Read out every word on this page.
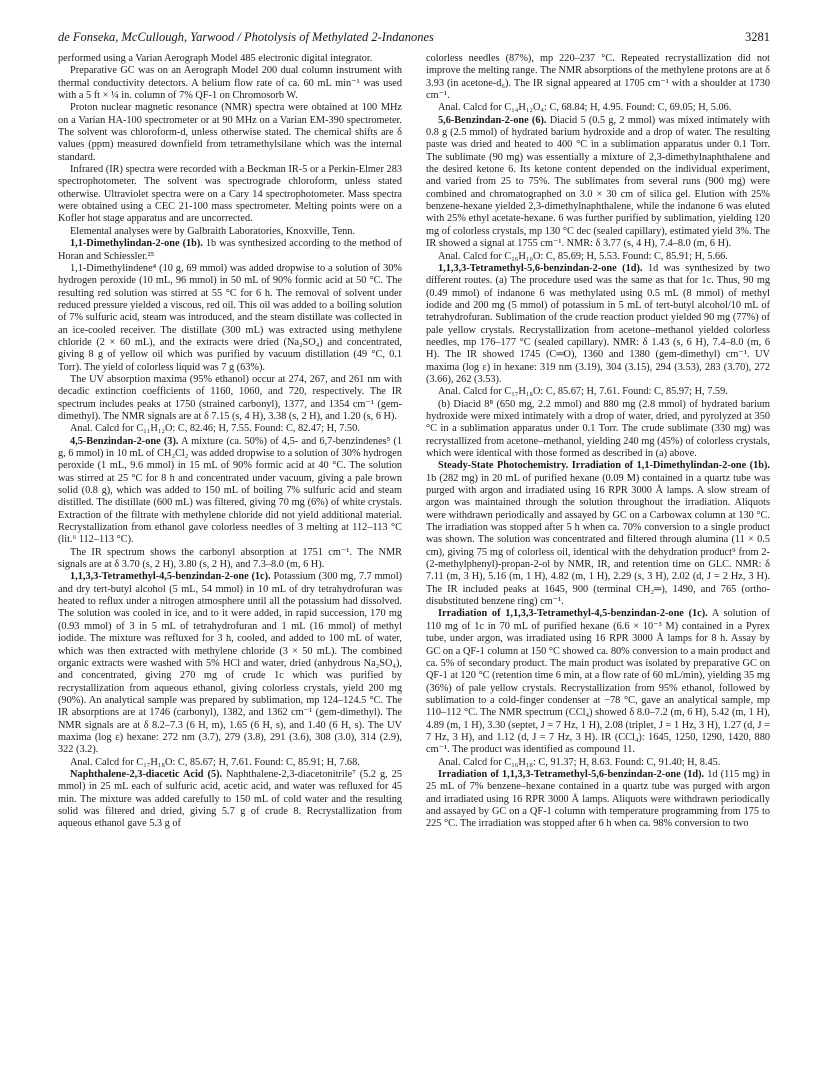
de Fonseka, McCullough, Yarwood / Photolysis of Methylated 2-Indanones	3281

performed using a Varian Aerograph Model 485 electronic digital integrator.

Preparative GC was on an Aerograph Model 200 dual column instrument with thermal conductivity detectors. A helium flow rate of ca. 60 mL min⁻¹ was used with a 5 ft × ¼ in. column of 7% QF-1 on Chromosorb W.

Proton nuclear magnetic resonance (NMR) spectra were obtained at 100 MHz on a Varian HA-100 spectrometer or at 90 MHz on a Varian EM-390 spectrometer. The solvent was chloroform-d, unless otherwise stated. The chemical shifts are δ values (ppm) measured downfield from tetramethylsilane which was the internal standard.

Infrared (IR) spectra were recorded with a Beckman IR-5 or a Perkin-Elmer 283 spectrophotometer. The solvent was spectrograde chloroform, unless stated otherwise. Ultraviolet spectra were on a Cary 14 spectrophotometer. Mass spectra were obtained using a CEC 21-100 mass spectrometer. Melting points were on a Kofler hot stage apparatus and are uncorrected.

Elemental analyses were by Galbraith Laboratories, Knoxville, Tenn.

1,1-Dimethylindan-2-one (1b). 1b was synthesized according to the method of Horan and Schiessler.²⁵

1,1-Dimethylindene⁴ (10 g, 69 mmol) was added dropwise to a solution of 30% hydrogen peroxide (10 mL, 96 mmol) in 50 mL of 90% formic acid at 50 °C. The resulting red solution was stirred at 55 °C for 6 h. The removal of solvent under reduced pressure yielded a viscous, red oil. This oil was added to a boiling solution of 7% sulfuric acid, steam was introduced, and the steam distillate was collected in an ice-cooled receiver. The distillate (300 mL) was extracted using methylene chloride (2 × 60 mL), and the extracts were dried (Na₂SO₄) and concentrated, giving 8 g of yellow oil which was purified by vacuum distillation (49 °C, 0.1 Torr). The yield of colorless liquid was 7 g (63%).

The UV absorption maxima (95% ethanol) occur at 274, 267, and 261 nm with decadic extinction coefficients of 1160, 1060, and 720, respectively. The IR spectrum includes peaks at 1750 (strained carbonyl), 1377, and 1354 cm⁻¹ (gem-dimethyl). The NMR signals are at δ 7.15 (s, 4 H), 3.38 (s, 2 H), and 1.20 (s, 6 H).

Anal. Calcd for C₁₁H₁₂O: C, 82.46; H, 7.55. Found: C, 82.47; H, 7.50.

4,5-Benzindan-2-one (3). A mixture (ca. 50%) of 4,5- and 6,7-benzindenes⁵ (1 g, 6 mmol) in 10 mL of CH₂Cl₂ was added dropwise to a solution of 30% hydrogen peroxide (1 mL, 9.6 mmol) in 15 mL of 90% formic acid at 40 °C. The solution was stirred at 25 °C for 8 h and concentrated under vacuum, giving a pale brown solid (0.8 g), which was added to 150 mL of boiling 7% sulfuric acid and steam distilled. The distillate (600 mL) was filtered, giving 70 mg (6%) of white crystals. Extraction of the filtrate with methylene chloride did not yield additional material. Recrystallization from ethanol gave colorless needles of 3 melting at 112–113 °C (lit.⁶ 112–113 °C).

The IR spectrum shows the carbonyl absorption at 1751 cm⁻¹. The NMR signals are at δ 3.70 (s, 2 H), 3.80 (s, 2 H), and 7.3–8.0 (m, 6 H).

1,1,3,3-Tetramethyl-4,5-benzindan-2-one (1c). Potassium (300 mg, 7.7 mmol) and dry tert-butyl alcohol (5 mL, 54 mmol) in 10 mL of dry tetrahydrofuran was heated to reflux under a nitrogen atmosphere until all the potassium had dissolved. The solution was cooled in ice, and to it were added, in rapid succession, 170 mg (0.93 mmol) of 3 in 5 mL of tetrahydrofuran and 1 mL (16 mmol) of methyl iodide. The mixture was refluxed for 3 h, cooled, and added to 100 mL of water, which was then extracted with methylene chloride (3 × 50 mL). The combined organic extracts were washed with 5% HCl and water, dried (anhydrous Na₂SO₄), and concentrated, giving 270 mg of crude 1c which was purified by recrystallization from aqueous ethanol, giving colorless crystals, yield 200 mg (90%). An analytical sample was prepared by sublimation, mp 124–124.5 °C. The IR absorptions are at 1746 (carbonyl), 1382, and 1362 cm⁻¹ (gem-dimethyl). The NMR signals are at δ 8.2–7.3 (6 H, m), 1.65 (6 H, s), and 1.40 (6 H, s). The UV maxima (log ε) hexane: 272 nm (3.7), 279 (3.8), 291 (3.6), 308 (3.0), 314 (2.9), 322 (3.2).

Anal. Calcd for C₁₇H₁₈O: C, 85.67; H, 7.61. Found: C, 85.91; H, 7.68.

Naphthalene-2,3-diacetic Acid (5). Naphthalene-2,3-diacetonitrile⁷ (5.2 g, 25 mmol) in 25 mL each of sulfuric acid, acetic acid, and water was refluxed for 45 min. The mixture was added carefully to 150 mL of cold water and the resulting solid was filtered and dried, giving 5.7 g of crude 8. Recrystallization from aqueous ethanol gave 5.3 g of

colorless needles (87%), mp 220–237 °C. Repeated recrystallization did not improve the melting range. The NMR absorptions of the methylene protons are at δ 3.93 (in acetone-d₆). The IR signal appeared at 1705 cm⁻¹ with a shoulder at 1730 cm⁻¹.

Anal. Calcd for C₁₄H₁₂O₄: C, 68.84; H, 4.95. Found: C, 69.05; H, 5.06.

5,6-Benzindan-2-one (6). Diacid 5 (0.5 g, 2 mmol) was mixed intimately with 0.8 g (2.5 mmol) of hydrated barium hydroxide and a drop of water. The resulting paste was dried and heated to 400 °C in a sublimation apparatus under 0.1 Torr. The sublimate (90 mg) was essentially a mixture of 2,3-dimethylnaphthalene and the desired ketone 6. Its ketone content depended on the individual experiment, and varied from 25 to 75%. The sublimates from several runs (900 mg) were combined and chromatographed on 3.0 × 30 cm of silica gel. Elution with 25% benzene-hexane yielded 2,3-dimethylnaphthalene, while the indanone 6 was eluted with 25% ethyl acetate-hexane. 6 was further purified by sublimation, yielding 120 mg of colorless crystals, mp 130 °C dec (sealed capillary), estimated yield 3%. The IR showed a signal at 1755 cm⁻¹. NMR: δ 3.77 (s, 4 H), 7.4–8.0 (m, 6 H).

Anal. Calcd for C₁₆H₁₀O: C, 85.69; H, 5.53. Found: C, 85.91; H, 5.66.

1,1,3,3-Tetramethyl-5,6-benzindan-2-one (1d). 1d was synthesized by two different routes. (a) The procedure used was the same as that for 1c. Thus, 90 mg (0.49 mmol) of indanone 6 was methylated using 0.5 mL (8 mmol) of methyl iodide and 200 mg (5 mmol) of potassium in 5 mL of tert-butyl alcohol/10 mL of tetrahydrofuran. Sublimation of the crude reaction product yielded 90 mg (77%) of pale yellow crystals. Recrystallization from acetone–methanol yielded colorless needles, mp 176–177 °C (sealed capillary). NMR: δ 1.43 (s, 6 H), 7.4–8.0 (m, 6 H). The IR showed 1745 (C═O), 1360 and 1380 (gem-dimethyl) cm⁻¹. UV maxima (log ε) in hexane: 319 nm (3.19), 304 (3.15), 294 (3.53), 283 (3.70), 272 (3.66), 262 (3.53).

Anal. Calcd for C₁₇H₁₈O: C, 85.67; H, 7.61. Found: C, 85.97; H, 7.59.

(b) Diacid 8⁸ (650 mg, 2.2 mmol) and 880 mg (2.8 mmol) of hydrated barium hydroxide were mixed intimately with a drop of water, dried, and pyrolyzed at 350 °C in a sublimation apparatus under 0.1 Torr. The crude sublimate (330 mg) was recrystallized from acetone–methanol, yielding 240 mg (45%) of colorless crystals, which were identical with those formed as described in (a) above.

Steady-State Photochemistry. Irradiation of 1,1-Dimethylindan-2-one (1b). 1b (282 mg) in 20 mL of purified hexane (0.09 M) contained in a quartz tube was purged with argon and irradiated using 16 RPR 3000 Å lamps. A slow stream of argon was maintained through the solution throughout the irradiation. Aliquots were withdrawn periodically and assayed by GC on a Carbowax column at 130 °C. The irradiation was stopped after 5 h when ca. 70% conversion to a single product was shown. The solution was concentrated and filtered through alumina (11 × 0.5 cm), giving 75 mg of colorless oil, identical with the dehydration product⁹ from 2-(2-methylphenyl)-propan-2-ol by NMR, IR, and retention time on GLC. NMR: δ 7.11 (m, 3 H), 5.16 (m, 1 H), 4.82 (m, 1 H), 2.29 (s, 3 H), 2.02 (d, J = 2 Hz, 3 H). The IR included peaks at 1645, 900 (terminal CH₂═), 1490, and 765 (ortho-disubstituted benzene ring) cm⁻¹.

Irradiation of 1,1,3,3-Tetramethyl-4,5-benzindan-2-one (1c). A solution of 110 mg of 1c in 70 mL of purified hexane (6.6 × 10⁻³ M) contained in a Pyrex tube, under argon, was irradiated using 16 RPR 3000 Å lamps for 8 h. Assay by GC on a QF-1 column at 150 °C showed ca. 80% conversion to a main product and ca. 5% of secondary product. The main product was isolated by preparative GC on QF-1 at 120 °C (retention time 6 min, at a flow rate of 60 mL/min), yielding 35 mg (36%) of pale yellow crystals. Recrystallization from 95% ethanol, followed by sublimation to a cold-finger condenser at −78 °C, gave an analytical sample, mp 110–112 °C. The NMR spectrum (CCl₄) showed δ 8.0–7.2 (m, 6 H), 5.42 (m, 1 H), 4.89 (m, 1 H), 3.30 (septet, J = 7 Hz, 1 H), 2.08 (triplet, J = 1 Hz, 3 H), 1.27 (d, J = 7 Hz, 3 H), and 1.12 (d, J = 7 Hz, 3 H). IR (CCl₄): 1645, 1250, 1290, 1420, 880 cm⁻¹. The product was identified as compound 11.

Anal. Calcd for C₁₆H₁₈: C, 91.37; H, 8.63. Found: C, 91.40; H, 8.45.

Irradiation of 1,1,3,3-Tetramethyl-5,6-benzindan-2-one (1d). 1d (115 mg) in 25 mL of 7% benzene–hexane contained in a quartz tube was purged with argon and irradiated using 16 RPR 3000 Å lamps. Aliquots were withdrawn periodically and assayed by GC on a QF-1 column with temperature programming from 175 to 225 °C. The irradiation was stopped after 6 h when ca. 98% conversion to two
